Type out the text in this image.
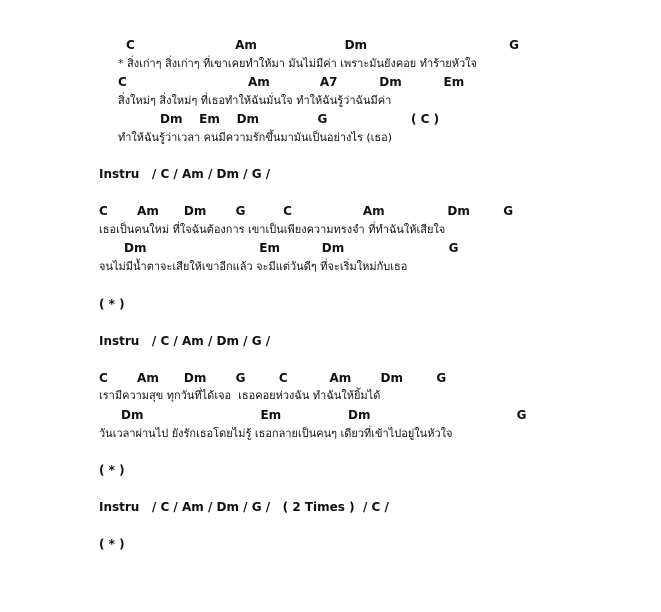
C                        Am                     Dm                                  G
* สิ่งเก่าๆ สิ่งเก่าๆ ที่เขาเคยทำให้มา มันไม่มีค่า เพราะมันยังคอย ทำร้ายหัวใจ
C                             Am            A7          Dm          Em
สิ่งใหม่ๆ สิ่งใหม่ๆ ที่เธอทำให้ฉันมั่นใจ ทำให้ฉันรู้ว่าฉันมีค่า
Dm    Em    Dm              G                    ( C )
ทำให้ฉันรู้ว่าเวลา คนมีความรักขึ้นมามันเป็นอย่างไร (เธอ)
Instru   / C / Am / Dm / G /
C       Am      Dm       G         C                 Am               Dm        G
เธอเป็นคนใหม่ ที่ใจฉันต้องการ เขาเป็นเพียงความทรงจำ ที่ทำฉันให้เสียใจ
Dm                           Em          Dm                         G
จนไม่มีน้ำตาจะเสียให้เขาอีกแล้ว จะมีแต่วันดีๆ ที่จะเริ่มใหม่กับเธอ
( * )
Instru   / C / Am / Dm / G /
C       Am      Dm       G        C          Am       Dm        G
เรามีความสุข ทุกวันที่ได้เจอ  เธอคอยห่วงฉัน ทำฉันให้ยิ้มได้
Dm                            Em                Dm                                   G
วันเวลาผ่านไป ยังรักเธอโดยไม่รู้ เธอกลายเป็นคนๆ เดียวที่เข้าไปอยู่ในหัวใจ
( * )
Instru   / C / Am / Dm / G /   ( 2 Times )  / C /
( * )
